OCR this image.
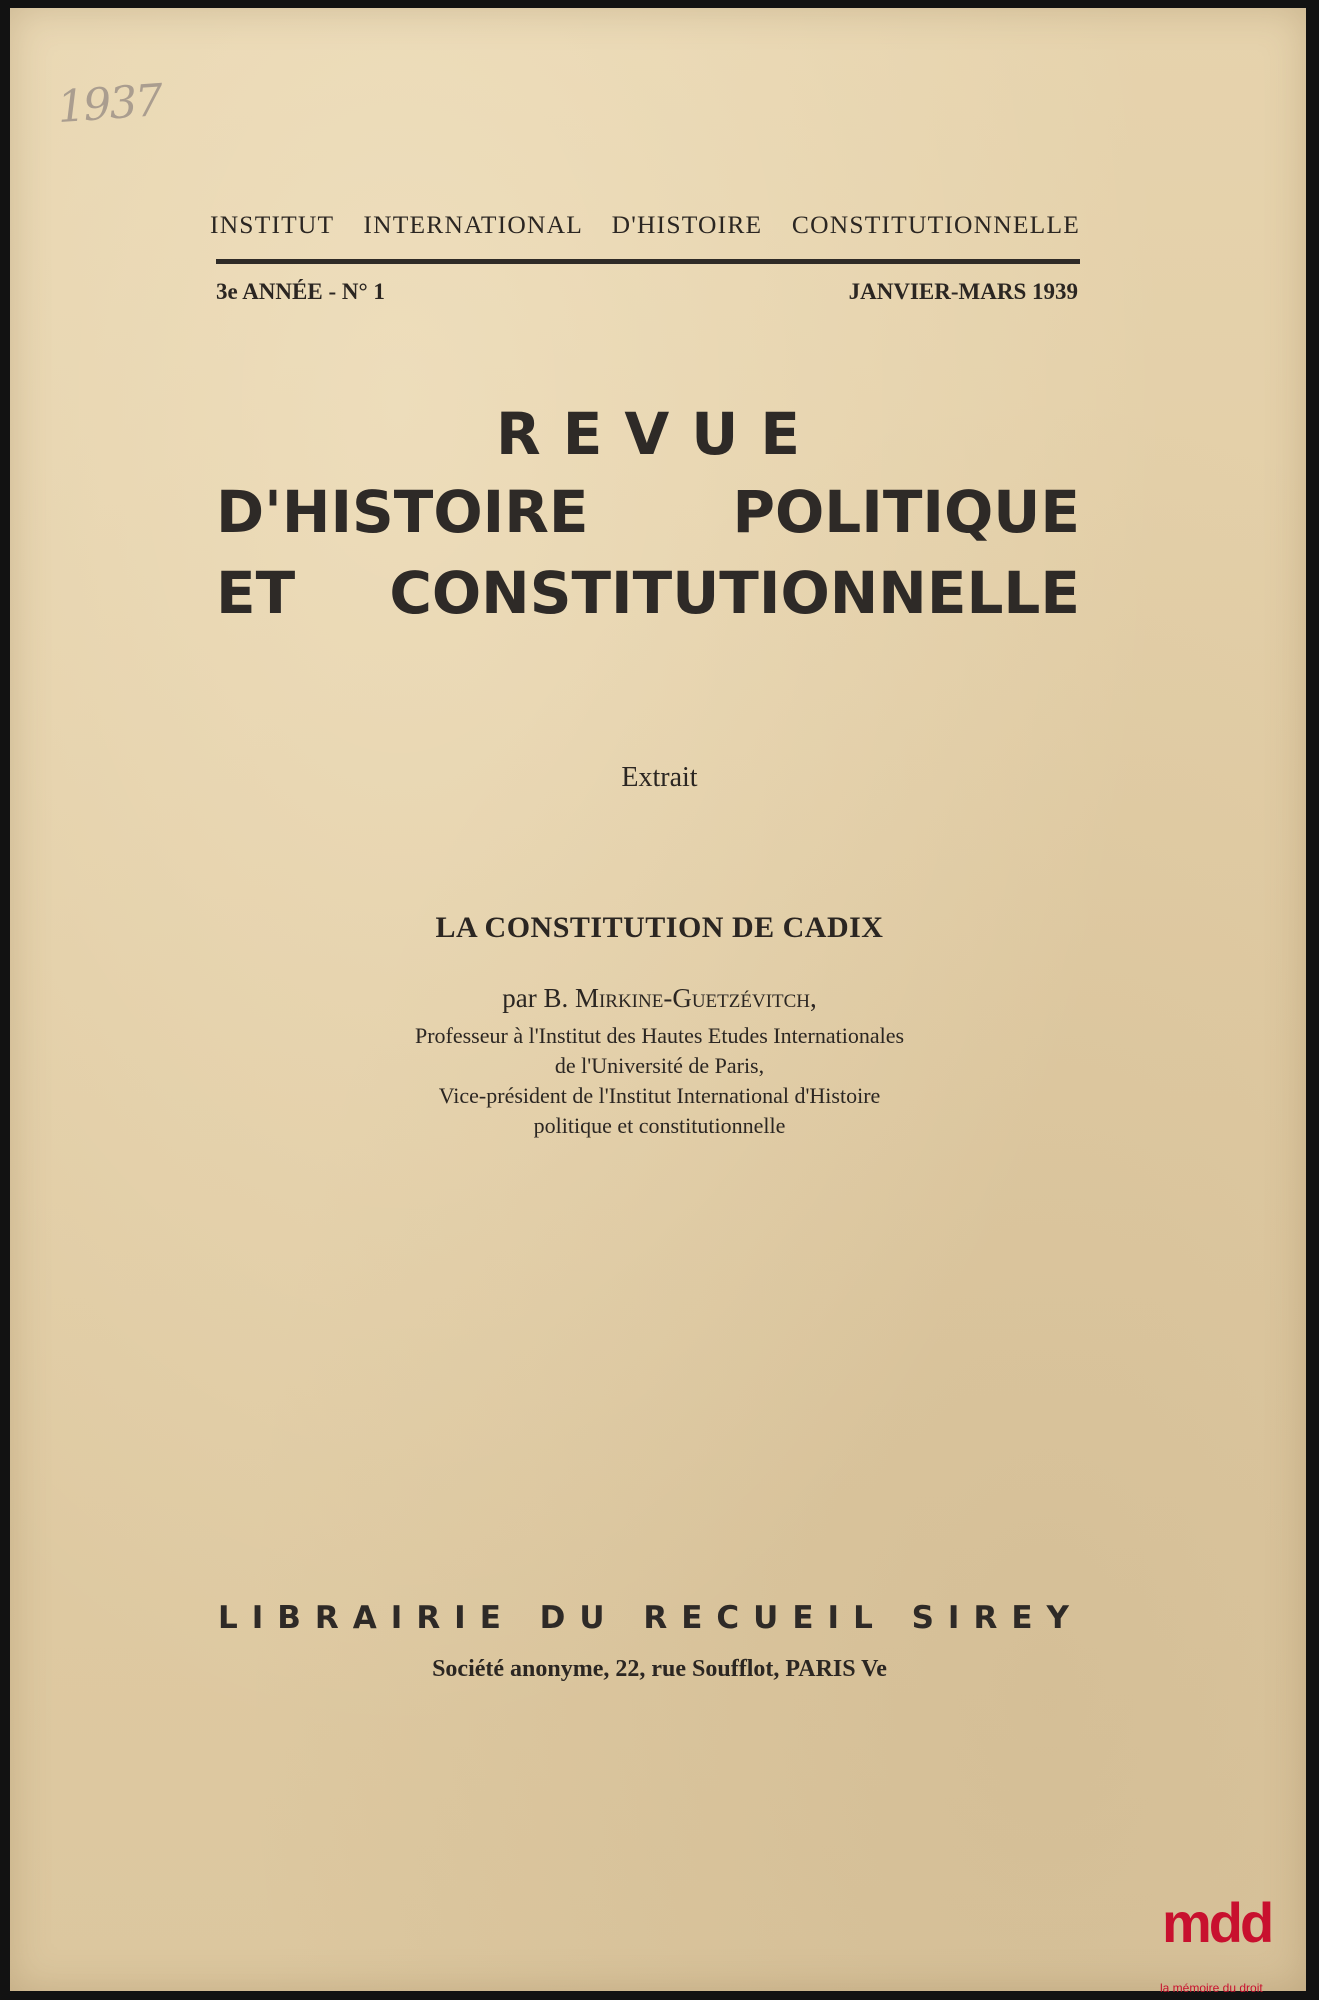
1937
INSTITUT INTERNATIONAL D'HISTOIRE CONSTITUTIONNELLE
3e ANNÉE - N° 1	JANVIER-MARS 1939
REVUE
D'HISTOIRE POLITIQUE
ET CONSTITUTIONNELLE
Extrait
LA CONSTITUTION DE CADIX
par B. Mirkine-Guetzévitch,
Professeur à l'Institut des Hautes Etudes Internationales
de l'Université de Paris,
Vice-président de l'Institut International d'Histoire
politique et constitutionnelle
LIBRAIRIE DU RECUEIL SIREY
Société anonyme, 22, rue Soufflot, PARIS Ve
mdd
la mémoire du droit
